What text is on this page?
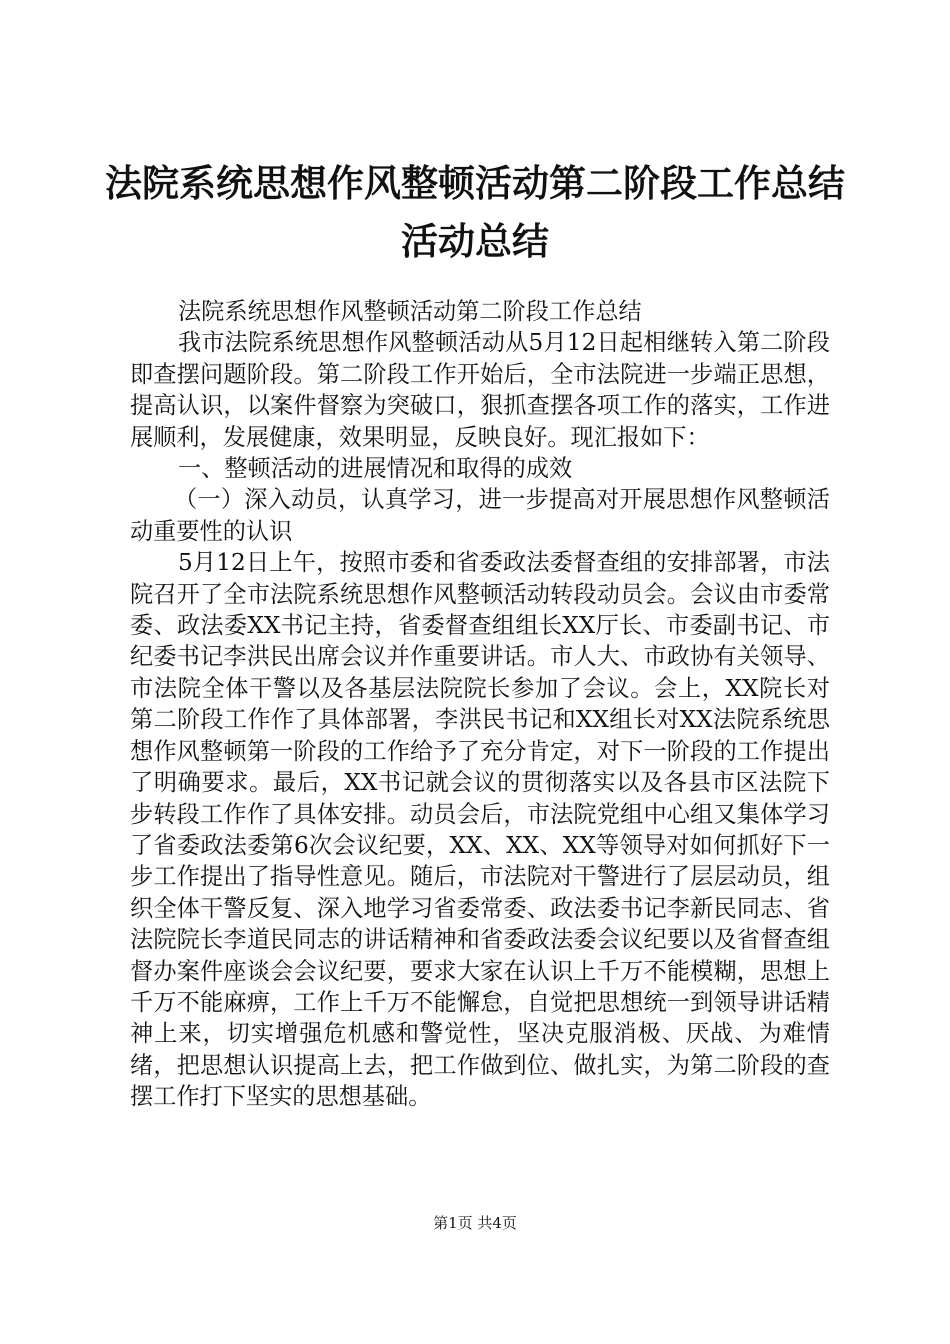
法院系统思想作风整顿活动第二阶段工作总结
活动总结

法院系统思想作风整顿活动第二阶段工作总结

我市法院系统思想作风整顿活动从5月12日起相继转入第二阶段即查摆问题阶段。第二阶段工作开始后，全市法院进一步端正思想，提高认识，以案件督察为突破口，狠抓查摆各项工作的落实，工作进展顺利，发展健康，效果明显，反映良好。现汇报如下：

一、整顿活动的进展情况和取得的成效

（一）深入动员，认真学习，进一步提高对开展思想作风整顿活动重要性的认识

5月12日上午，按照市委和省委政法委督查组的安排部署，市法院召开了全市法院系统思想作风整顿活动转段动员会。会议由市委常委、政法委XX书记主持，省委督查组组长XX厅长、市委副书记、市纪委书记李洪民出席会议并作重要讲话。市人大、市政协有关领导、市法院全体干警以及各基层法院院长参加了会议。会上，XX院长对第二阶段工作作了具体部署，李洪民书记和XX组长对XX法院系统思想作风整顿第一阶段的工作给予了充分肯定，对下一阶段的工作提出了明确要求。最后，XX书记就会议的贯彻落实以及各县市区法院下步转段工作作了具体安排。动员会后，市法院党组中心组又集体学习了省委政法委第6次会议纪要，XX、XX、XX等领导对如何抓好下一步工作提出了指导性意见。随后，市法院对干警进行了层层动员，组织全体干警反复、深入地学习省委常委、政法委书记李新民同志、省法院院长李道民同志的讲话精神和省委政法委会议纪要以及省督查组督办案件座谈会会议纪要，要求大家在认识上千万不能模糊，思想上千万不能麻痹，工作上千万不能懈怠，自觉把思想统一到领导讲话精神上来，切实增强危机感和警觉性，坚决克服消极、厌战、为难情绪，把思想认识提高上去，把工作做到位、做扎实，为第二阶段的查摆工作打下坚实的思想基础。

第1页 共4页
